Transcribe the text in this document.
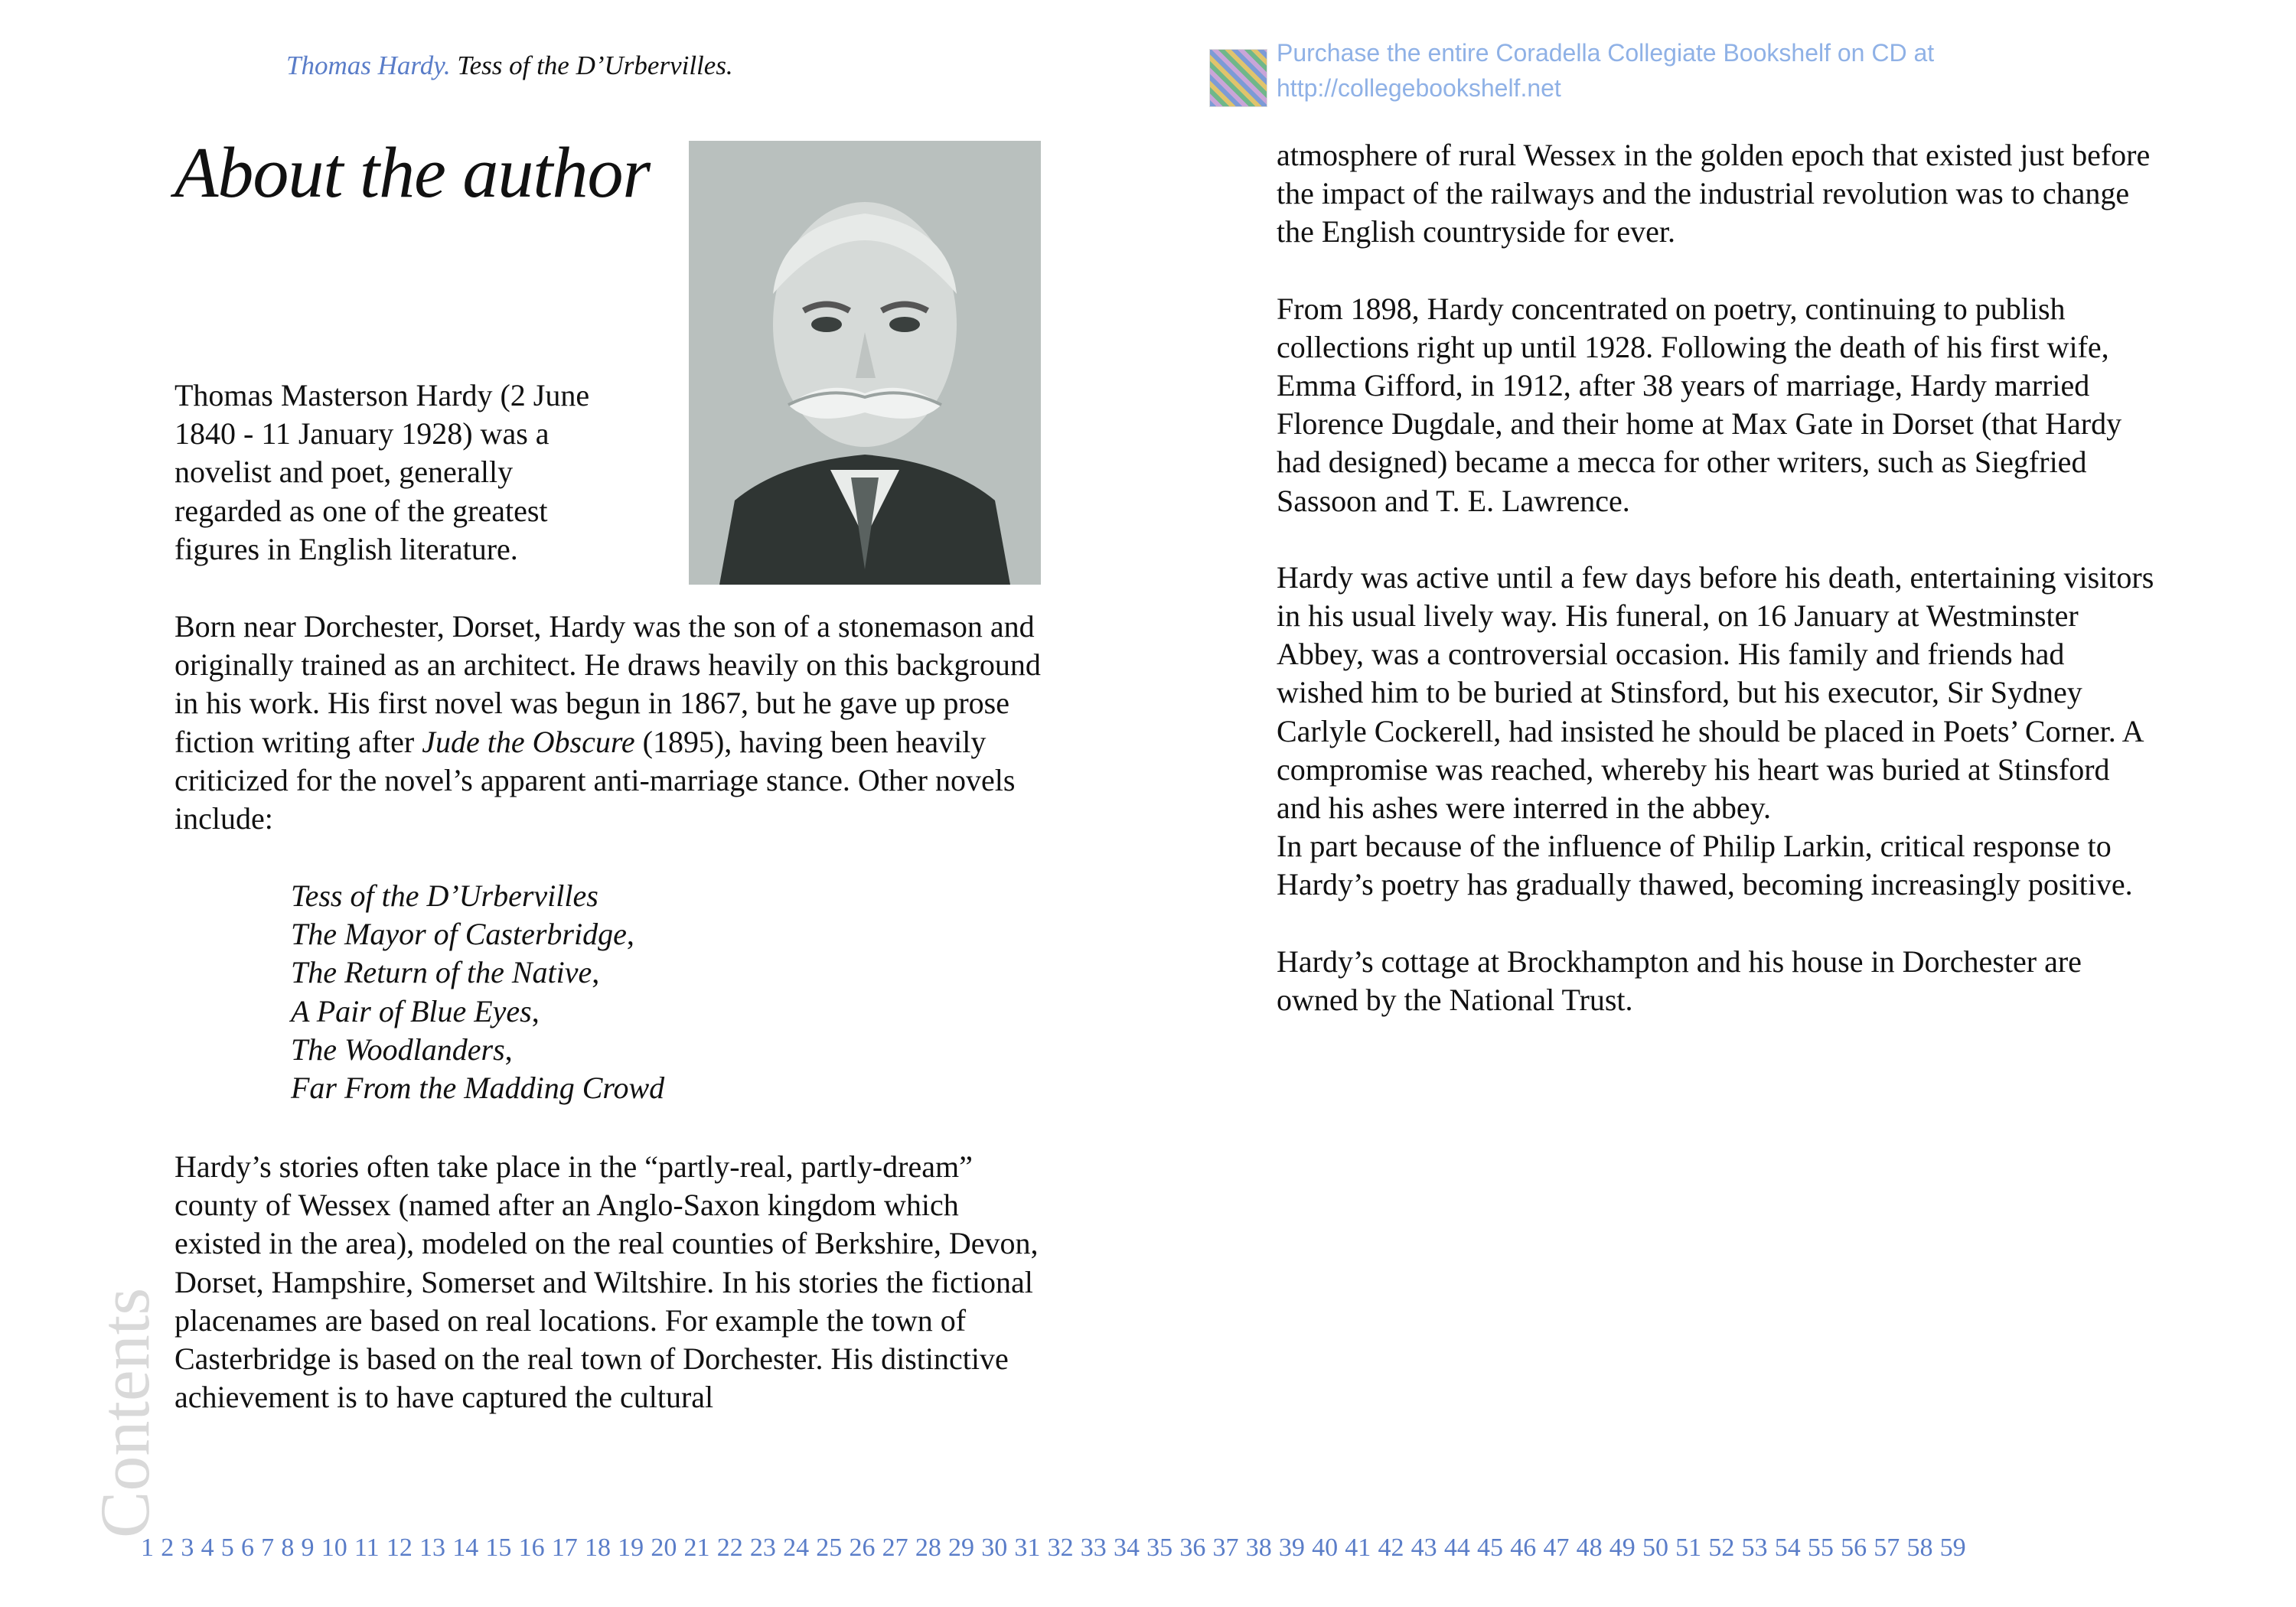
Thomas Hardy. Tess of the D’Urbervilles.	Purchase the entire Coradella Collegiate Bookshelf on CD at
http://collegebookshelf.net
About the author
Thomas Masterson Hardy (2 June
1840 - 11 January 1928) was a
novelist and poet, generally
regarded as one of the greatest
figures in English literature.

Born near Dorchester, Dorset, Hardy was the son of a stonemason and originally trained as an architect. He draws heavily on this background in his work. His first novel was begun in 1867, but he gave up prose fiction writing after Jude the Obscure (1895), having been heavily criticized for the novel’s apparent anti-marriage stance. Other novels include:

Tess of the D’Urbervilles
The Mayor of Casterbridge,
The Return of the Native,
A Pair of Blue Eyes,
The Woodlanders,
Far From the Madding Crowd

Hardy’s stories often take place in the “partly-real, partly-dream” county of Wessex (named after an Anglo-Saxon kingdom which existed in the area), modeled on the real counties of Berkshire, Devon, Dorset, Hampshire, Somerset and Wiltshire. In his stories the fictional placenames are based on real locations. For example the town of Casterbridge is based on the real town of Dorchester. His distinctive achievement is to have captured the cultural

atmosphere of rural Wessex in the golden epoch that existed just before the impact of the railways and the industrial revolution was to change the English countryside for ever.

From 1898, Hardy concentrated on poetry, continuing to publish collections right up until 1928. Following the death of his first wife, Emma Gifford, in 1912, after 38 years of marriage, Hardy married Florence Dugdale, and their home at Max Gate in Dorset (that Hardy had designed) became a mecca for other writers, such as Siegfried Sassoon and T. E. Lawrence.

Hardy was active until a few days before his death, entertaining visitors in his usual lively way. His funeral, on 16 January at Westminster Abbey, was a controversial occasion. His family and friends had wished him to be buried at Stinsford, but his executor, Sir Sydney Carlyle Cockerell, had insisted he should be placed in Poets’ Corner. A compromise was reached, whereby his heart was buried at Stinsford and his ashes were interred in the abbey.

In part because of the influence of Philip Larkin, critical response to Hardy’s poetry has gradually thawed, becoming increasingly positive.

Hardy’s cottage at Brockhampton and his house in Dorchester are owned by the National Trust.

Contents
1 2 3 4 5 6 7 8 9 10 11 12 13 14 15 16 17 18 19 20 21 22 23 24 25 26 27 28 29 30 31 32 33 34 35 36 37 38 39 40 41 42 43 44 45 46 47 48 49 50 51 52 53 54 55 56 57 58 59
